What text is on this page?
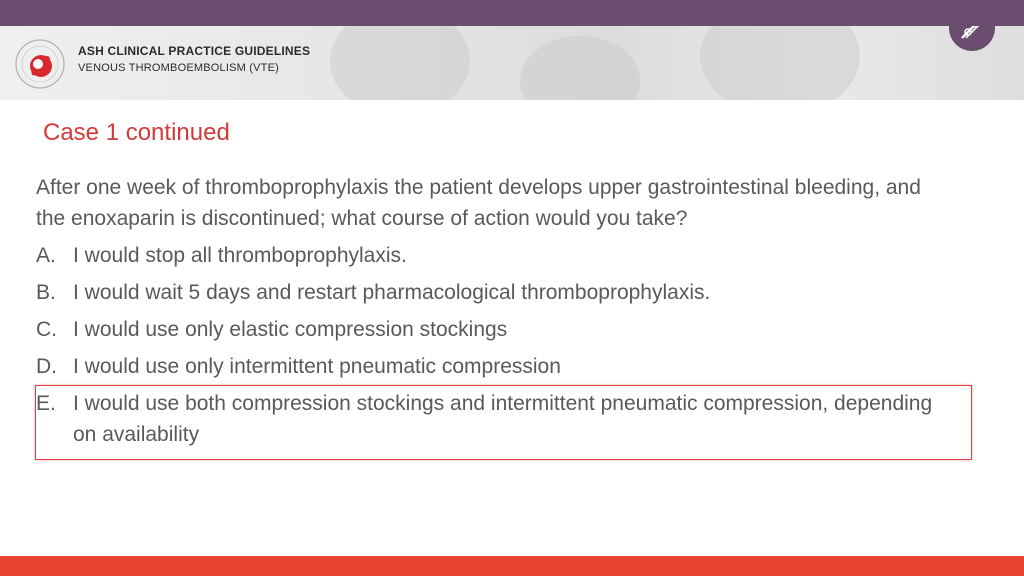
ASH CLINICAL PRACTICE GUIDELINES
VENOUS THROMBOEMBOLISM (VTE)
Case 1 continued

After one week of thromboprophylaxis the patient develops upper gastrointestinal bleeding, and the enoxaparin is discontinued; what course of action would you take?

A. I would stop all thromboprophylaxis.
B. I would wait 5 days and restart pharmacological thromboprophylaxis.
C. I would use only elastic compression stockings
D. I would use only intermittent pneumatic compression
E. I would use both compression stockings and intermittent pneumatic compression, depending on availability
